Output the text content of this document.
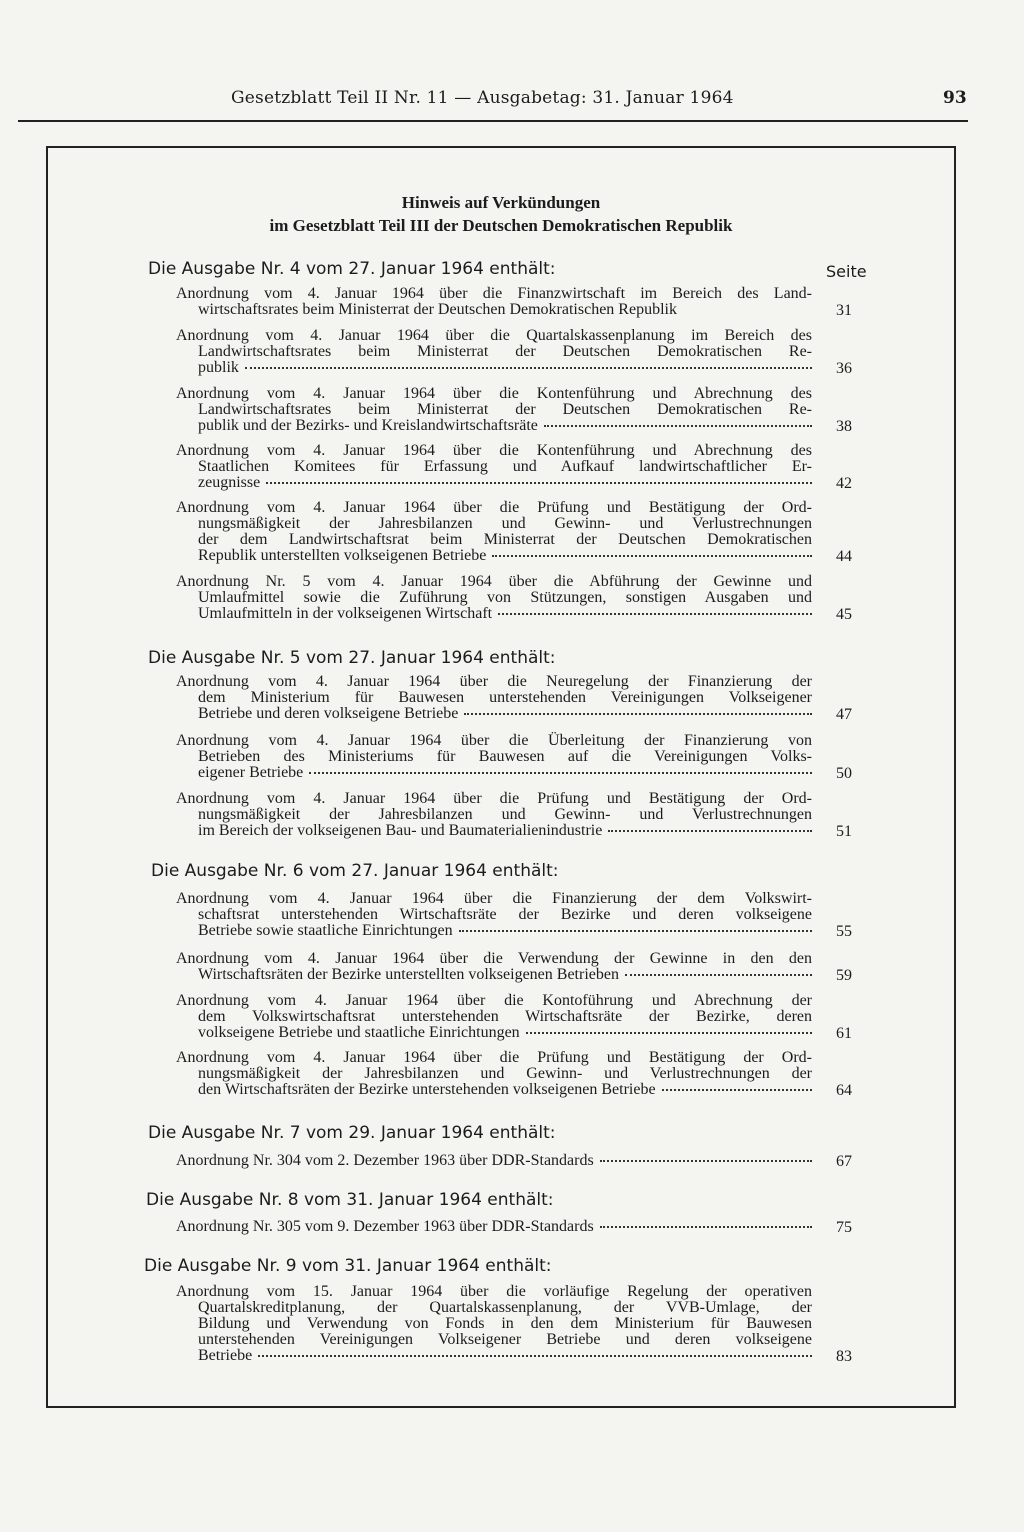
Gesetzblatt Teil II Nr. 11 — Ausgabetag: 31. Januar 1964	93
Hinweis auf Verkündungen
im Gesetzblatt Teil III der Deutschen Demokratischen Republik
Seite
Die Ausgabe Nr. 4 vom 27. Januar 1964 enthält:
Anordnung vom 4. Januar 1964 über die Finanzwirtschaft im Bereich des Land-
wirtschaftsrates beim Ministerrat der Deutschen Demokratischen Republik	31
Anordnung vom 4. Januar 1964 über die Quartalskassenplanung im Bereich des
Landwirtschaftsrates beim Ministerrat der Deutschen Demokratischen Re-
publik	36
Anordnung vom 4. Januar 1964 über die Kontenführung und Abrechnung des
Landwirtschaftsrates beim Ministerrat der Deutschen Demokratischen Re-
publik und der Bezirks- und Kreislandwirtschaftsräte	38
Anordnung vom 4. Januar 1964 über die Kontenführung und Abrechnung des
Staatlichen Komitees für Erfassung und Aufkauf landwirtschaftlicher Er-
zeugnisse	42
Anordnung vom 4. Januar 1964 über die Prüfung und Bestätigung der Ord-
nungsmäßigkeit der Jahresbilanzen und Gewinn- und Verlustrechnungen
der dem Landwirtschaftsrat beim Ministerrat der Deutschen Demokratischen
Republik unterstellten volkseigenen Betriebe	44
Anordnung Nr. 5 vom 4. Januar 1964 über die Abführung der Gewinne und
Umlaufmittel sowie die Zuführung von Stützungen, sonstigen Ausgaben und
Umlaufmitteln in der volkseigenen Wirtschaft	45
Die Ausgabe Nr. 5 vom 27. Januar 1964 enthält:
Anordnung vom 4. Januar 1964 über die Neuregelung der Finanzierung der
dem Ministerium für Bauwesen unterstehenden Vereinigungen Volkseigener
Betriebe und deren volkseigene Betriebe	47
Anordnung vom 4. Januar 1964 über die Überleitung der Finanzierung von
Betrieben des Ministeriums für Bauwesen auf die Vereinigungen Volks-
eigener Betriebe	50
Anordnung vom 4. Januar 1964 über die Prüfung und Bestätigung der Ord-
nungsmäßigkeit der Jahresbilanzen und Gewinn- und Verlustrechnungen
im Bereich der volkseigenen Bau- und Baumaterialienindustrie	51
Die Ausgabe Nr. 6 vom 27. Januar 1964 enthält:
Anordnung vom 4. Januar 1964 über die Finanzierung der dem Volkswirt-
schaftsrat unterstehenden Wirtschaftsräte der Bezirke und deren volkseigene
Betriebe sowie staatliche Einrichtungen	55
Anordnung vom 4. Januar 1964 über die Verwendung der Gewinne in den den
Wirtschaftsräten der Bezirke unterstellten volkseigenen Betrieben	59
Anordnung vom 4. Januar 1964 über die Kontoführung und Abrechnung der
dem Volkswirtschaftsrat unterstehenden Wirtschaftsräte der Bezirke, deren
volkseigene Betriebe und staatliche Einrichtungen	61
Anordnung vom 4. Januar 1964 über die Prüfung und Bestätigung der Ord-
nungsmäßigkeit der Jahresbilanzen und Gewinn- und Verlustrechnungen der
den Wirtschaftsräten der Bezirke unterstehenden volkseigenen Betriebe	64
Die Ausgabe Nr. 7 vom 29. Januar 1964 enthält:
Anordnung Nr. 304 vom 2. Dezember 1963 über DDR-Standards	67
Die Ausgabe Nr. 8 vom 31. Januar 1964 enthält:
Anordnung Nr. 305 vom 9. Dezember 1963 über DDR-Standards	75
Die Ausgabe Nr. 9 vom 31. Januar 1964 enthält:
Anordnung vom 15. Januar 1964 über die vorläufige Regelung der operativen
Quartalskreditplanung, der Quartalskassenplanung, der VVB-Umlage, der
Bildung und Verwendung von Fonds in den dem Ministerium für Bauwesen
unterstehenden Vereinigungen Volkseigener Betriebe und deren volkseigene
Betriebe	83
